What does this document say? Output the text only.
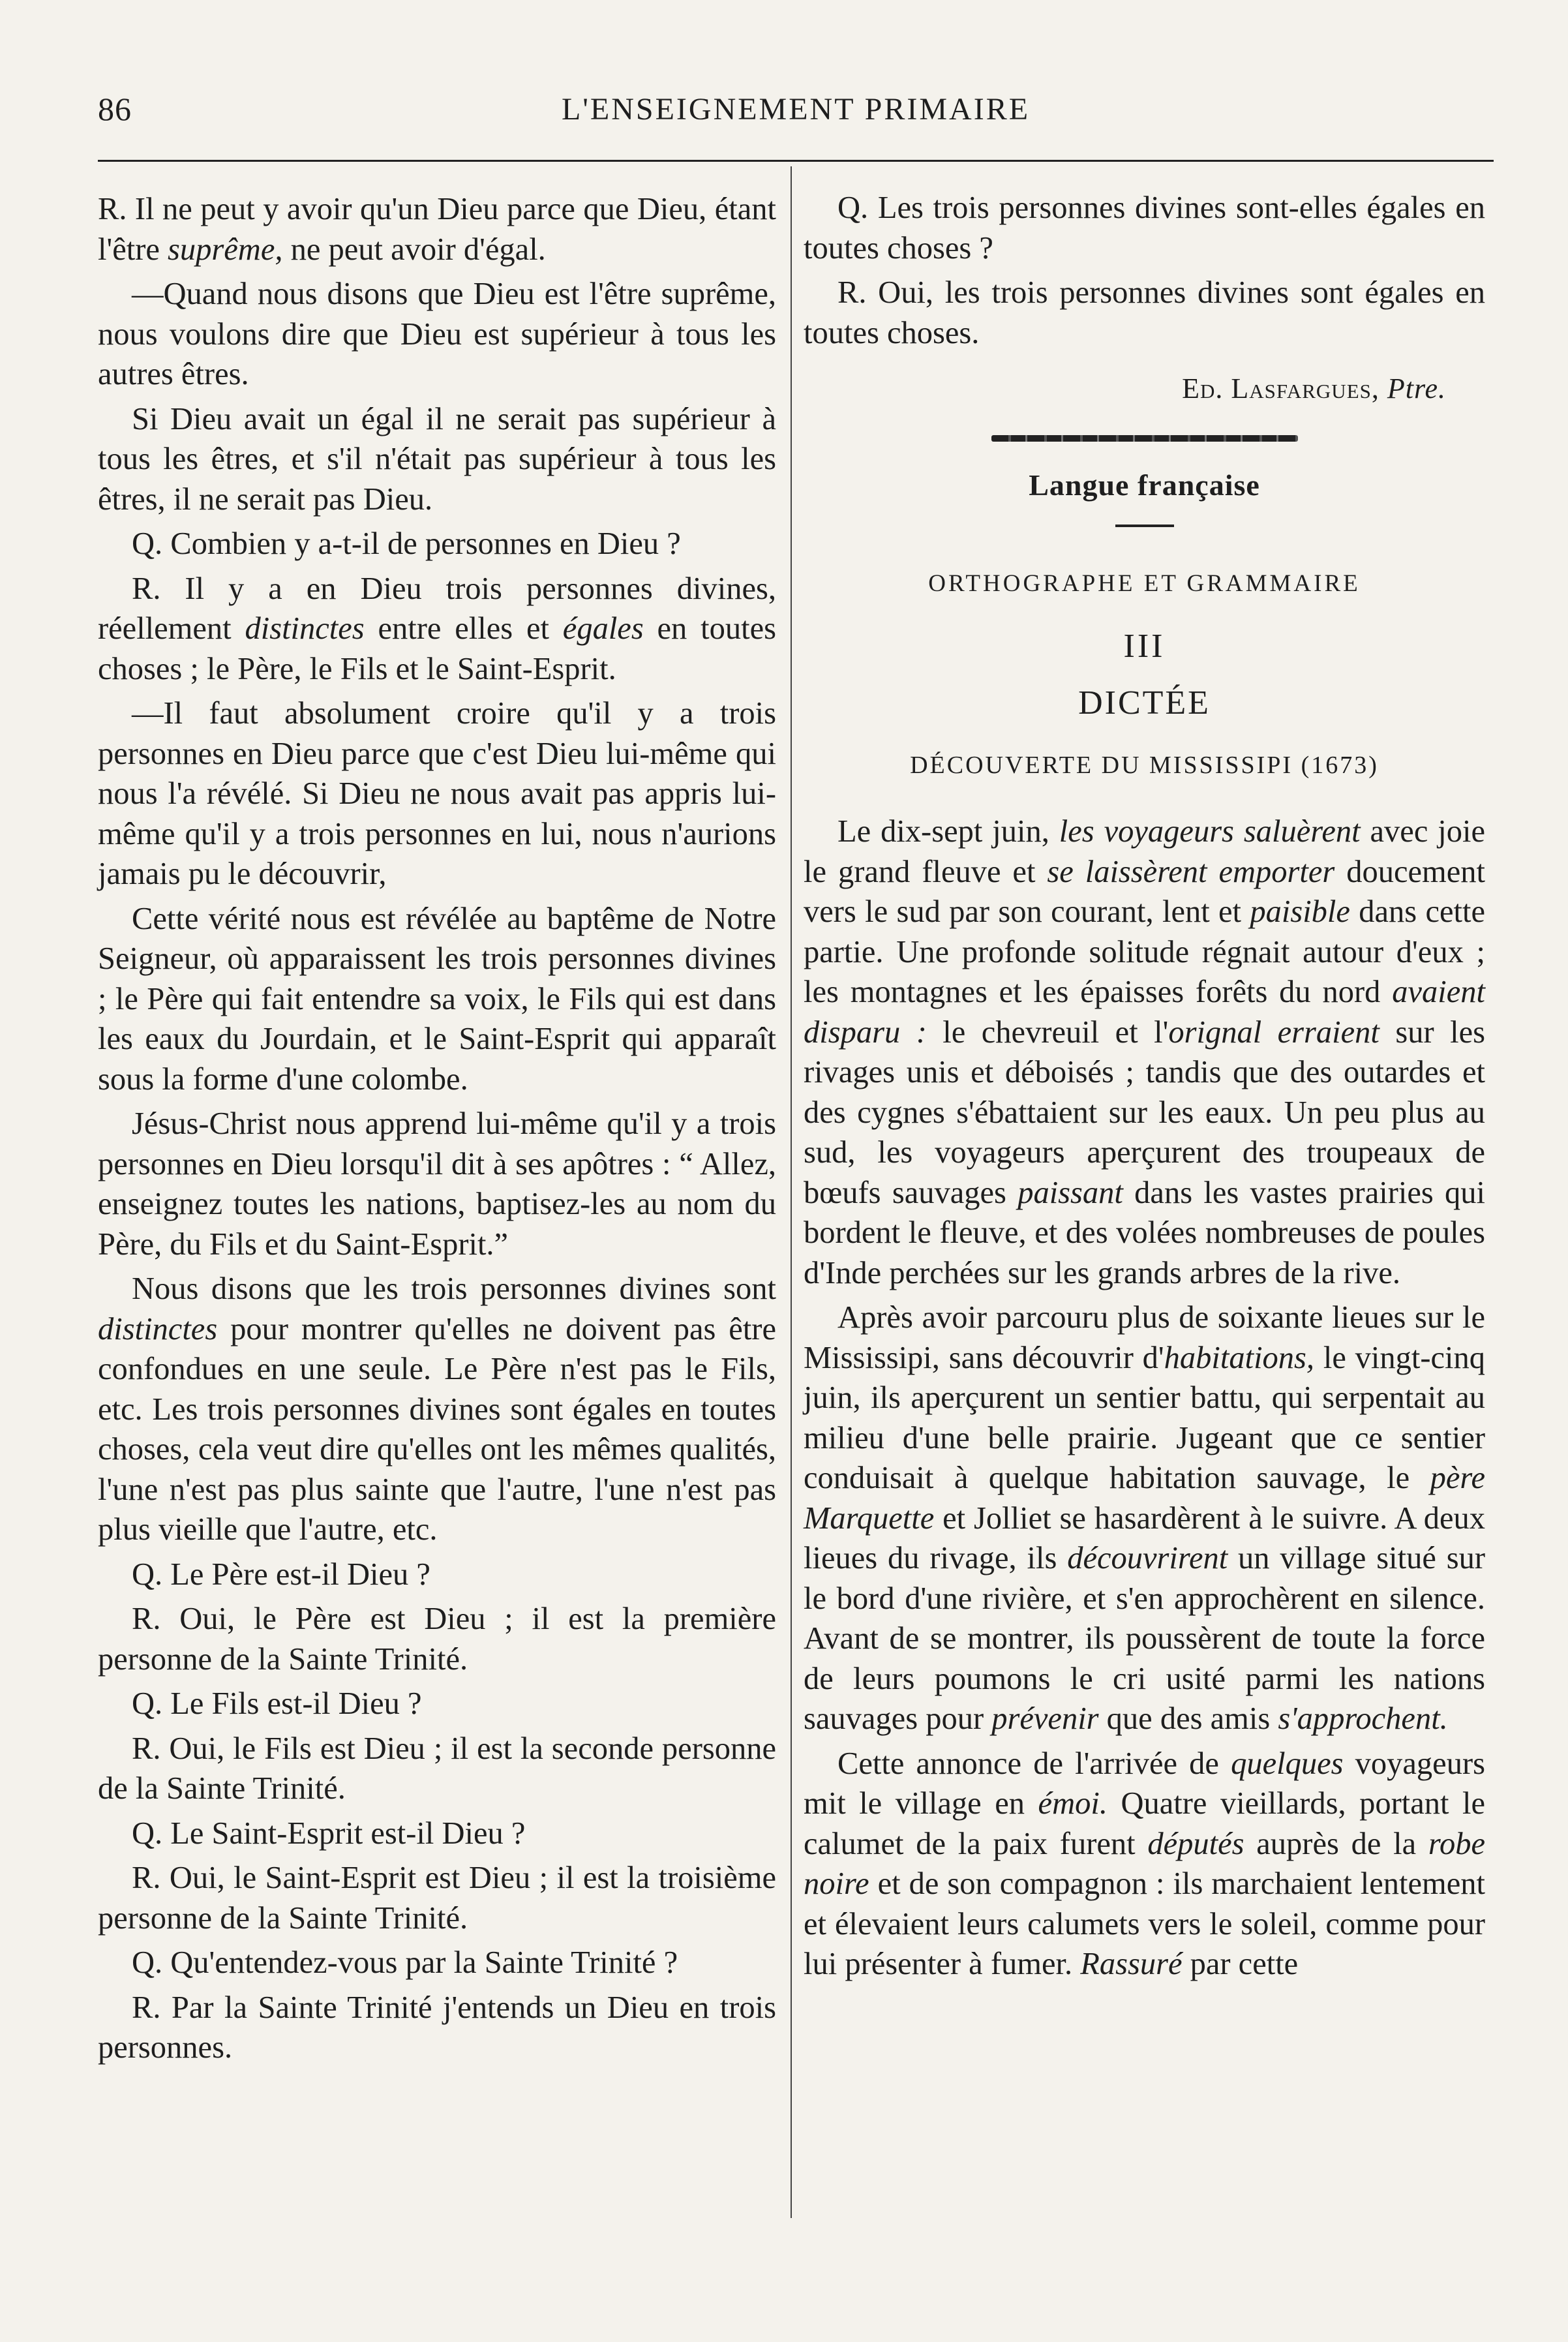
86	L'ENSEIGNEMENT PRIMAIRE

R. Il ne peut y avoir qu'un Dieu parce que Dieu, étant l'être suprême, ne peut avoir d'égal.

—Quand nous disons que Dieu est l'être suprême, nous voulons dire que Dieu est supérieur à tous les autres êtres.

Si Dieu avait un égal il ne serait pas supérieur à tous les êtres, et s'il n'était pas supérieur à tous les êtres, il ne serait pas Dieu.

Q. Combien y a-t-il de personnes en Dieu ?

R. Il y a en Dieu trois personnes divines, réellement distinctes entre elles et égales en toutes choses ; le Père, le Fils et le Saint-Esprit.

—Il faut absolument croire qu'il y a trois personnes en Dieu parce que c'est Dieu lui-même qui nous l'a révélé. Si Dieu ne nous avait pas appris lui-même qu'il y a trois personnes en lui, nous n'aurions jamais pu le découvrir,

Cette vérité nous est révélée au baptême de Notre Seigneur, où apparaissent les trois personnes divines ; le Père qui fait entendre sa voix, le Fils qui est dans les eaux du Jourdain, et le Saint-Esprit qui apparaît sous la forme d'une colombe.

Jésus-Christ nous apprend lui-même qu'il y a trois personnes en Dieu lorsqu'il dit à ses apôtres : “ Allez, enseignez toutes les nations, baptisez-les au nom du Père, du Fils et du Saint-Esprit.”

Nous disons que les trois personnes divines sont distinctes pour montrer qu'elles ne doivent pas être confondues en une seule. Le Père n'est pas le Fils, etc. Les trois personnes divines sont égales en toutes choses, cela veut dire qu'elles ont les mêmes qualités, l'une n'est pas plus sainte que l'autre, l'une n'est pas plus vieille que l'autre, etc.

Q. Le Père est-il Dieu ?

R. Oui, le Père est Dieu ; il est la première personne de la Sainte Trinité.

Q. Le Fils est-il Dieu ?

R. Oui, le Fils est Dieu ; il est la seconde personne de la Sainte Trinité.

Q. Le Saint-Esprit est-il Dieu ?

R. Oui, le Saint-Esprit est Dieu ; il est la troisième personne de la Sainte Trinité.

Q. Qu'entendez-vous par la Sainte Trinité ?

R. Par la Sainte Trinité j'entends un Dieu en trois personnes.

Q. Les trois personnes divines sont-elles égales en toutes choses ?

R. Oui, les trois personnes divines sont égales en toutes choses.

Ed. Lasfargues, Ptre.
Langue française
ORTHOGRAPHE ET GRAMMAIRE
III
DICTÉE
DÉCOUVERTE DU MISSISSIPI (1673)

Le dix-sept juin, les voyageurs saluèrent avec joie le grand fleuve et se laissèrent emporter doucement vers le sud par son courant, lent et paisible dans cette partie. Une profonde solitude régnait autour d'eux ; les montagnes et les épaisses forêts du nord avaient disparu : le chevreuil et l'orignal erraient sur les rivages unis et déboisés ; tandis que des outardes et des cygnes s'ébattaient sur les eaux. Un peu plus au sud, les voyageurs aperçurent des troupeaux de bœufs sauvages paissant dans les vastes prairies qui bordent le fleuve, et des volées nombreuses de poules d'Inde perchées sur les grands arbres de la rive.

Après avoir parcouru plus de soixante lieues sur le Mississipi, sans découvrir d'habitations, le vingt-cinq juin, ils aperçurent un sentier battu, qui serpentait au milieu d'une belle prairie. Jugeant que ce sentier conduisait à quelque habitation sauvage, le père Marquette et Jolliet se hasardèrent à le suivre. A deux lieues du rivage, ils découvrirent un village situé sur le bord d'une rivière, et s'en approchèrent en silence. Avant de se montrer, ils poussèrent de toute la force de leurs poumons le cri usité parmi les nations sauvages pour prévenir que des amis s'approchent.

Cette annonce de l'arrivée de quelques voyageurs mit le village en émoi. Quatre vieillards, portant le calumet de la paix furent députés auprès de la robe noire et de son compagnon : ils marchaient lentement et élevaient leurs calumets vers le soleil, comme pour lui présenter à fumer. Rassuré par cette
